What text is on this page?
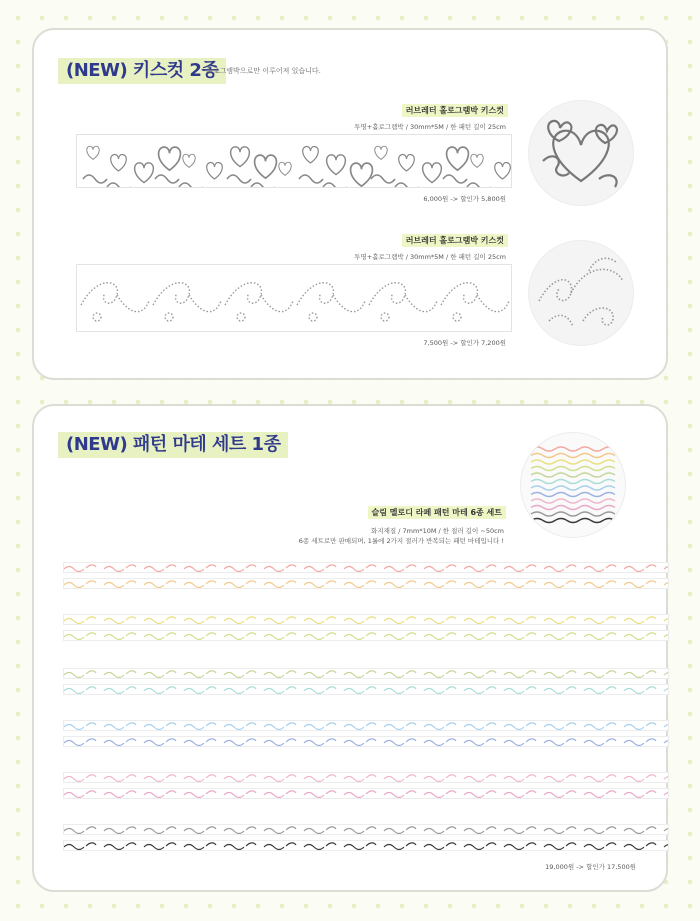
(NEW) 키스컷 2종
홀로그램박으로만 이루어져 있습니다.
러브레터 홀로그램박 키스컷
투명+홀로그램박 / 30mm*5M / 한 패턴 길이 25cm
6,000원 -> 할인가 5,800원
러브레터 홀로그램박 키스컷
투명+홀로그램박 / 30mm*5M / 한 패턴 길이 25cm
7,500원 -> 할인가 7,200원
(NEW) 패턴 마테 세트 1종
슬림 멜로디 라페 패턴 마테 6종 세트
화지재질 / 7mm*10M / 한 절러 길이 ~50cm
6종 세트로만 판매되며, 1롤에 2가지 절러가 반복되는 패턴 마테입니다 !
19,000원 -> 할인가 17,500원
